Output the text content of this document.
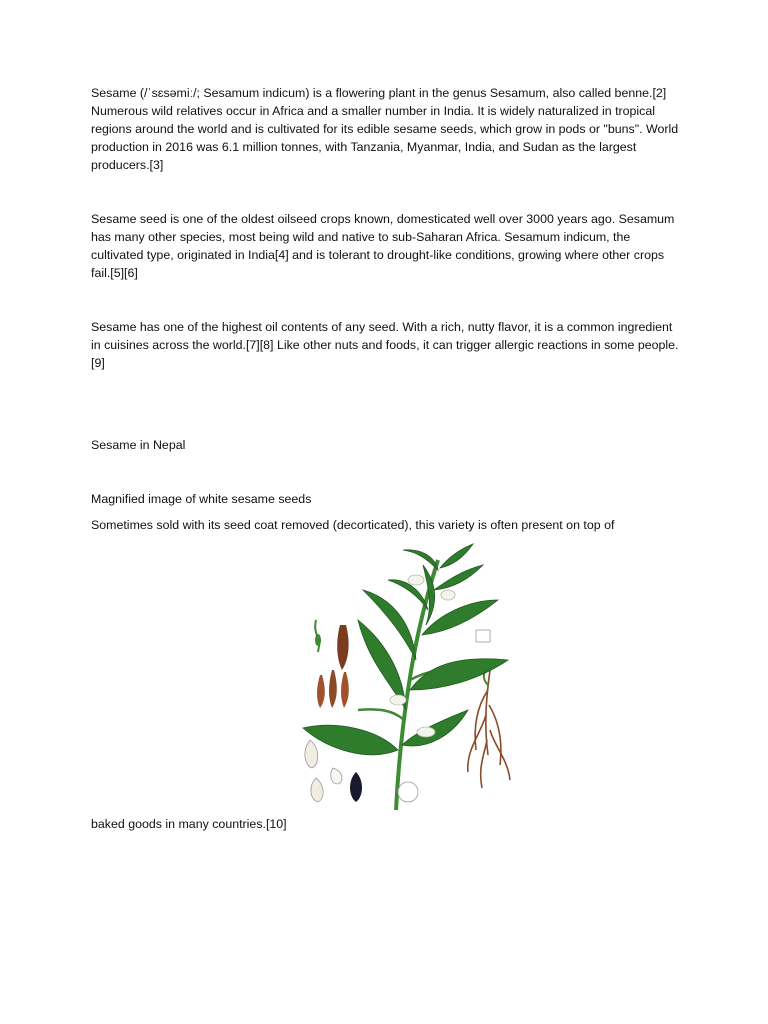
Sesame (/ˈsɛsəmiː/; Sesamum indicum) is a flowering plant in the genus Sesamum, also called benne.[2] Numerous wild relatives occur in Africa and a smaller number in India. It is widely naturalized in tropical regions around the world and is cultivated for its edible sesame seeds, which grow in pods or "buns". World production in 2016 was 6.1 million tonnes, with Tanzania, Myanmar, India, and Sudan as the largest producers.[3]

Sesame seed is one of the oldest oilseed crops known, domesticated well over 3000 years ago. Sesamum has many other species, most being wild and native to sub-Saharan Africa. Sesamum indicum, the cultivated type, originated in India[4] and is tolerant to drought-like conditions, growing where other crops fail.[5][6]

Sesame has one of the highest oil contents of any seed. With a rich, nutty flavor, it is a common ingredient in cuisines across the world.[7][8] Like other nuts and foods, it can trigger allergic reactions in some people.[9]

Sesame in Nepal

Magnified image of white sesame seeds

Sometimes sold with its seed coat removed (decorticated), this variety is often present on top of

baked goods in many countries.[10]
